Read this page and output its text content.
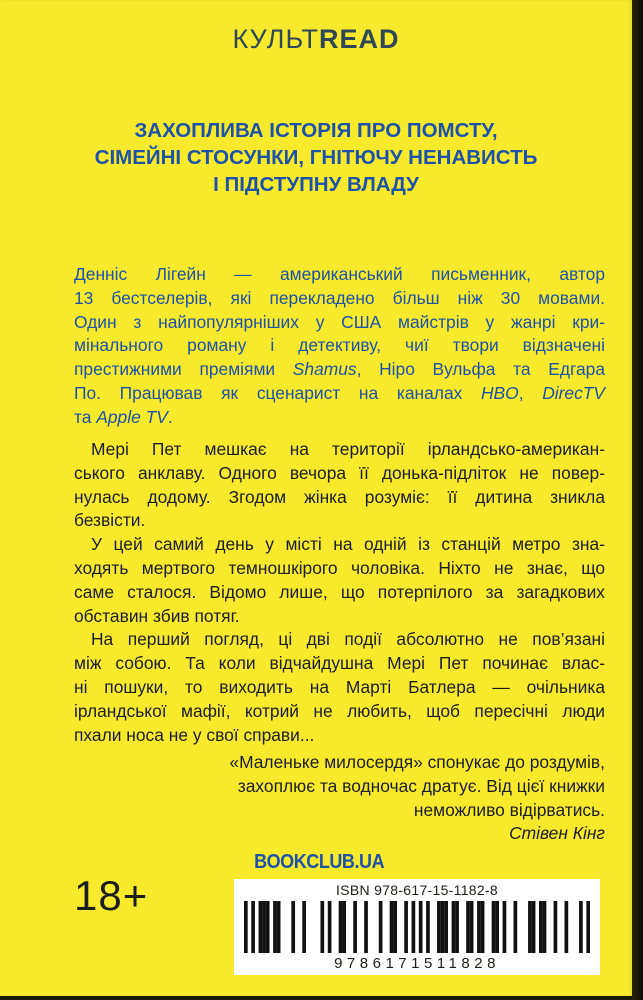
КУЛЬТREAD
ЗАХОПЛИВА ІСТОРІЯ ПРО ПОМСТУ,
СІМЕЙНІ СТОСУНКИ, ГНІТЮЧУ НЕНАВИСТЬ
І ПІДСТУПНУ ВЛАДУ
Денніс Лігейн — американський письменник, автор
13 бестселерів, які перекладено більш ніж 30 мовами.
Один з найпопулярніших у США майстрів у жанрі кри-
мінального роману і детективу, чиї твори відзначені
престижними преміями Shamus, Ніро Вульфа та Едгара
По. Працював як сценарист на каналах HBO, DirecTV
та Apple TV.
Мері Пет мешкає на території ірландсько-американ-
ського анклаву. Одного вечора її донька-підліток не повер-
нулась додому. Згодом жінка розуміє: її дитина зникла
безвісти.
У цей самий день у місті на одній із станцій метро зна-
ходять мертвого темношкірого чоловіка. Ніхто не знає, що
саме сталося. Відомо лише, що потерпілого за загадкових
обставин збив потяг.
На перший погляд, ці дві події абсолютно не пов’язані
між собою. Та коли відчайдушна Мері Пет починає влас-
ні пошуки, то виходить на Марті Батлера — очільника
ірландської мафії, котрий не любить, щоб пересічні люди
пхали носа не у свої справи...
«Маленьке милосердя» спонукає до роздумів,
захоплює та водночас дратує. Від цієї книжки
неможливо відірватись.
Стівен Кінг
BOOKCLUB.UA
18+	ISBN 978-617-15-1182-8
9786171511828
